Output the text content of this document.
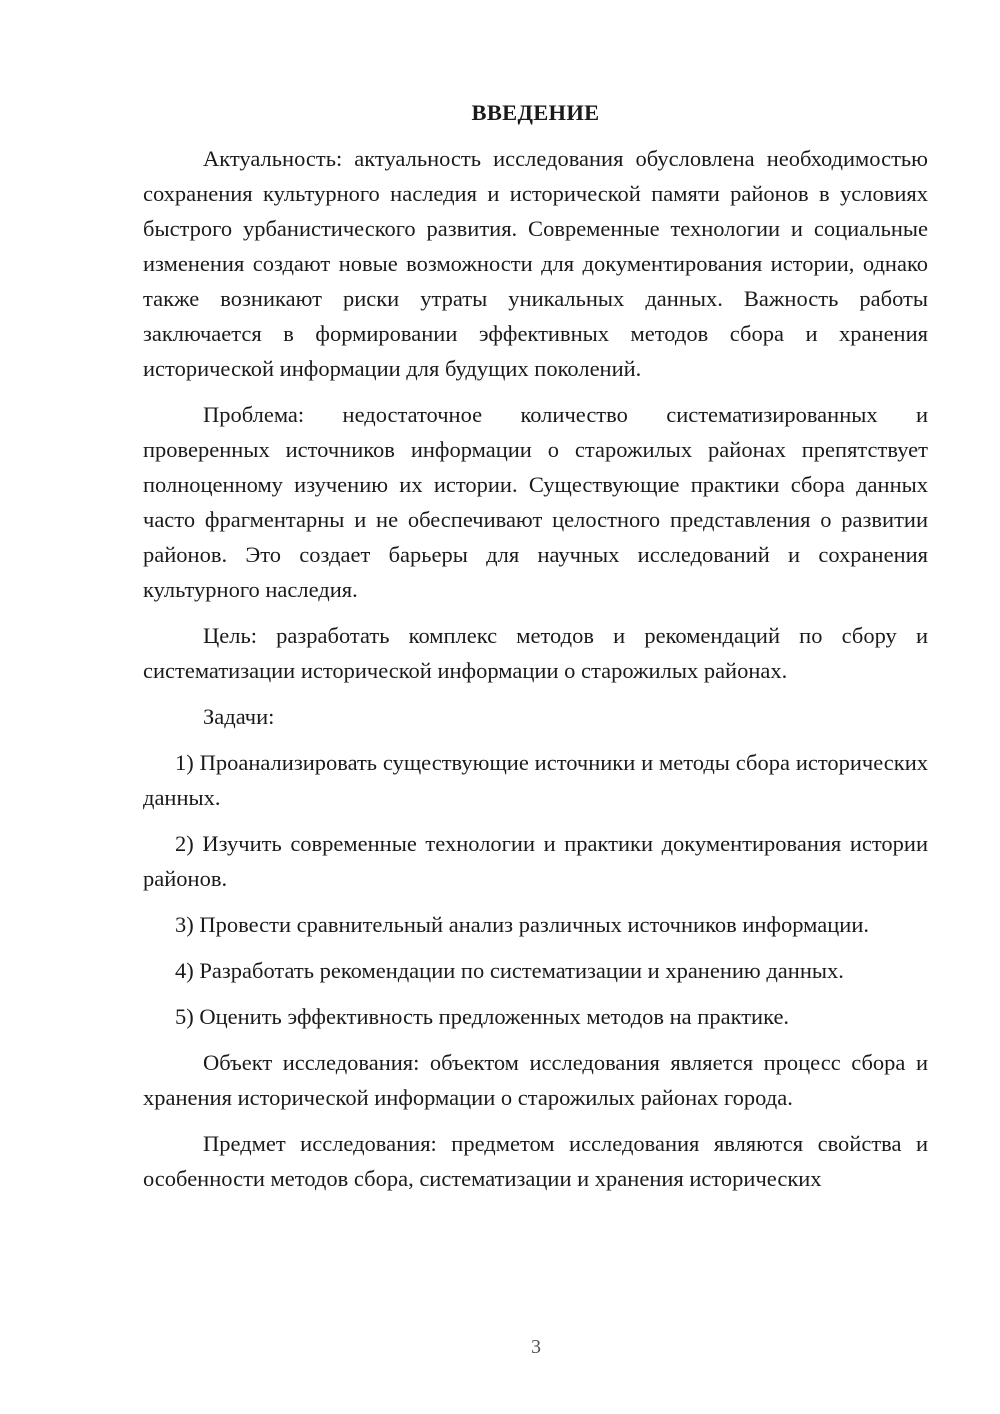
ВВЕДЕНИЕ

Актуальность: актуальность исследования обусловлена необходимостью сохранения культурного наследия и исторической памяти районов в условиях быстрого урбанистического развития. Современные технологии и социальные изменения создают новые возможности для документирования истории, однако также возникают риски утраты уникальных данных. Важность работы заключается в формировании эффективных методов сбора и хранения исторической информации для будущих поколений.

Проблема: недостаточное количество систематизированных и проверенных источников информации о старожилых районах препятствует полноценному изучению их истории. Существующие практики сбора данных часто фрагментарны и не обеспечивают целостного представления о развитии районов. Это создает барьеры для научных исследований и сохранения культурного наследия.

Цель: разработать комплекс методов и рекомендаций по сбору и систематизации исторической информации о старожилых районах.

Задачи:

1) Проанализировать существующие источники и методы сбора исторических данных.

2) Изучить современные технологии и практики документирования истории районов.

3) Провести сравнительный анализ различных источников информации.

4) Разработать рекомендации по систематизации и хранению данных.

5) Оценить эффективность предложенных методов на практике.

Объект исследования: объектом исследования является процесс сбора и хранения исторической информации о старожилых районах города.

Предмет исследования: предметом исследования являются свойства и особенности методов сбора, систематизации и хранения исторических

3
